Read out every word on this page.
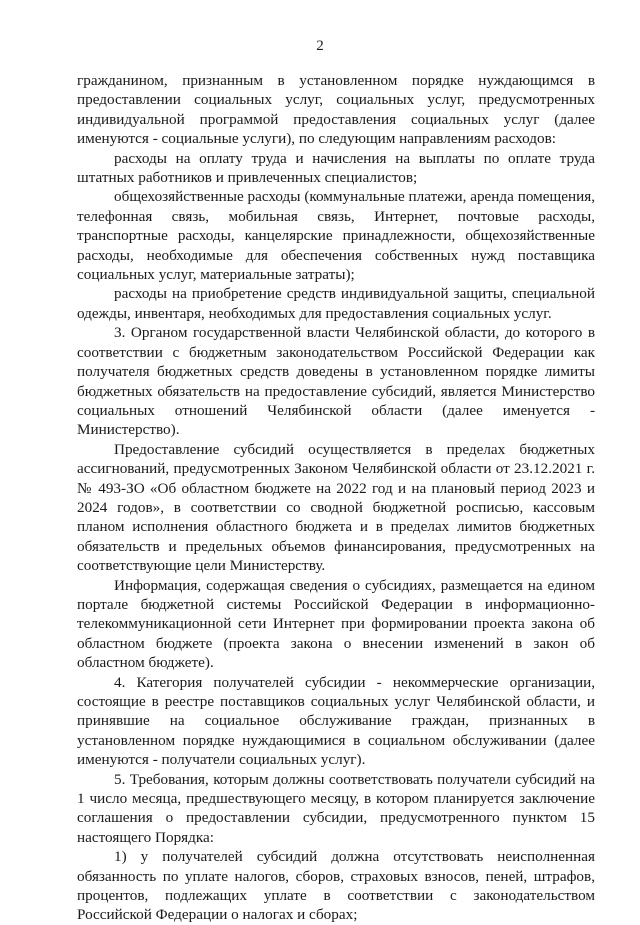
2

гражданином, признанным в установленном порядке нуждающимся в предоставлении социальных услуг, социальных услуг, предусмотренных индивидуальной программой предоставления социальных услуг (далее именуются - социальные услуги), по следующим направлениям расходов:

расходы на оплату труда и начисления на выплаты по оплате труда штатных работников и привлеченных специалистов;

общехозяйственные расходы (коммунальные платежи, аренда помещения, телефонная связь, мобильная связь, Интернет, почтовые расходы, транспортные расходы, канцелярские принадлежности, общехозяйственные расходы, необходимые для обеспечения собственных нужд поставщика социальных услуг, материальные затраты);

расходы на приобретение средств индивидуальной защиты, специальной одежды, инвентаря, необходимых для предоставления социальных услуг.

3. Органом государственной власти Челябинской области, до которого в соответствии с бюджетным законодательством Российской Федерации как получателя бюджетных средств доведены в установленном порядке лимиты бюджетных обязательств на предоставление субсидий, является Министерство социальных отношений Челябинской области (далее именуется - Министерство).

Предоставление субсидий осуществляется в пределах бюджетных ассигнований, предусмотренных Законом Челябинской области от 23.12.2021 г. № 493-ЗО «Об областном бюджете на 2022 год и на плановый период 2023 и 2024 годов», в соответствии со сводной бюджетной росписью, кассовым планом исполнения областного бюджета и в пределах лимитов бюджетных обязательств и предельных объемов финансирования, предусмотренных на соответствующие цели Министерству.

Информация, содержащая сведения о субсидиях, размещается на едином портале бюджетной системы Российской Федерации в информационно-телекоммуникационной сети Интернет при формировании проекта закона об областном бюджете (проекта закона о внесении изменений в закон об областном бюджете).

4. Категория получателей субсидии - некоммерческие организации, состоящие в реестре поставщиков социальных услуг Челябинской области, и принявшие на социальное обслуживание граждан, признанных в установленном порядке нуждающимися в социальном обслуживании (далее именуются - получатели социальных услуг).

5. Требования, которым должны соответствовать получатели субсидий на 1 число месяца, предшествующего месяцу, в котором планируется заключение соглашения о предоставлении субсидии, предусмотренного пунктом 15 настоящего Порядка:

1) у получателей субсидий должна отсутствовать неисполненная обязанность по уплате налогов, сборов, страховых взносов, пеней, штрафов, процентов, подлежащих уплате в соответствии с законодательством Российской Федерации о налогах и сборах;
